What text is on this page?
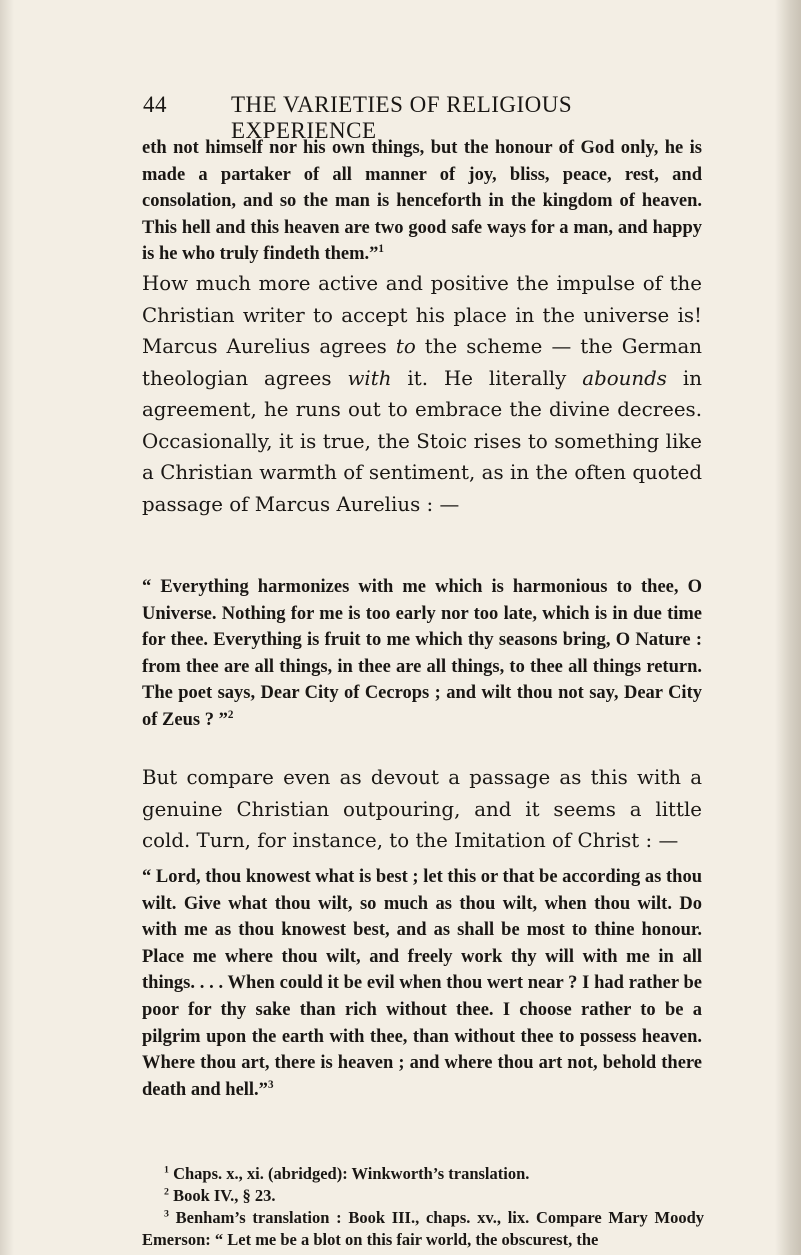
44	THE VARIETIES OF RELIGIOUS EXPERIENCE
eth not himself nor his own things, but the honour of God only, he is made a partaker of all manner of joy, bliss, peace, rest, and consolation, and so the man is henceforth in the kingdom of heaven. This hell and this heaven are two good safe ways for a man, and happy is he who truly findeth them.”$^1$
How much more active and positive the impulse of the Christian writer to accept his place in the universe is! Marcus Aurelius agrees to the scheme — the German theologian agrees with it. He literally abounds in agreement, he runs out to embrace the divine decrees. Occasionally, it is true, the Stoic rises to something like a Christian warmth of sentiment, as in the often quoted passage of Marcus Aurelius : —
“ Everything harmonizes with me which is harmonious to thee, O Universe. Nothing for me is too early nor too late, which is in due time for thee. Everything is fruit to me which thy seasons bring, O Nature : from thee are all things, in thee are all things, to thee all things return. The poet says, Dear City of Cecrops ; and wilt thou not say, Dear City of Zeus ? ”$^2$
But compare even as devout a passage as this with a genuine Christian outpouring, and it seems a little cold. Turn, for instance, to the Imitation of Christ : —
“ Lord, thou knowest what is best ; let this or that be according as thou wilt. Give what thou wilt, so much as thou wilt, when thou wilt. Do with me as thou knowest best, and as shall be most to thine honour. Place me where thou wilt, and freely work thy will with me in all things. . . . When could it be evil when thou wert near ? I had rather be poor for thy sake than rich without thee. I choose rather to be a pilgrim upon the earth with thee, than without thee to possess heaven. Where thou art, there is heaven ; and where thou art not, behold there death and hell.”$^3$
$^1$ Chaps. x., xi. (abridged): Winkworth’s translation.
$^2$ Book IV., § 23.
$^3$ Benham’s translation : Book III., chaps. xv., lix. Compare Mary Moody Emerson: “ Let me be a blot on this fair world, the obscurest, the
